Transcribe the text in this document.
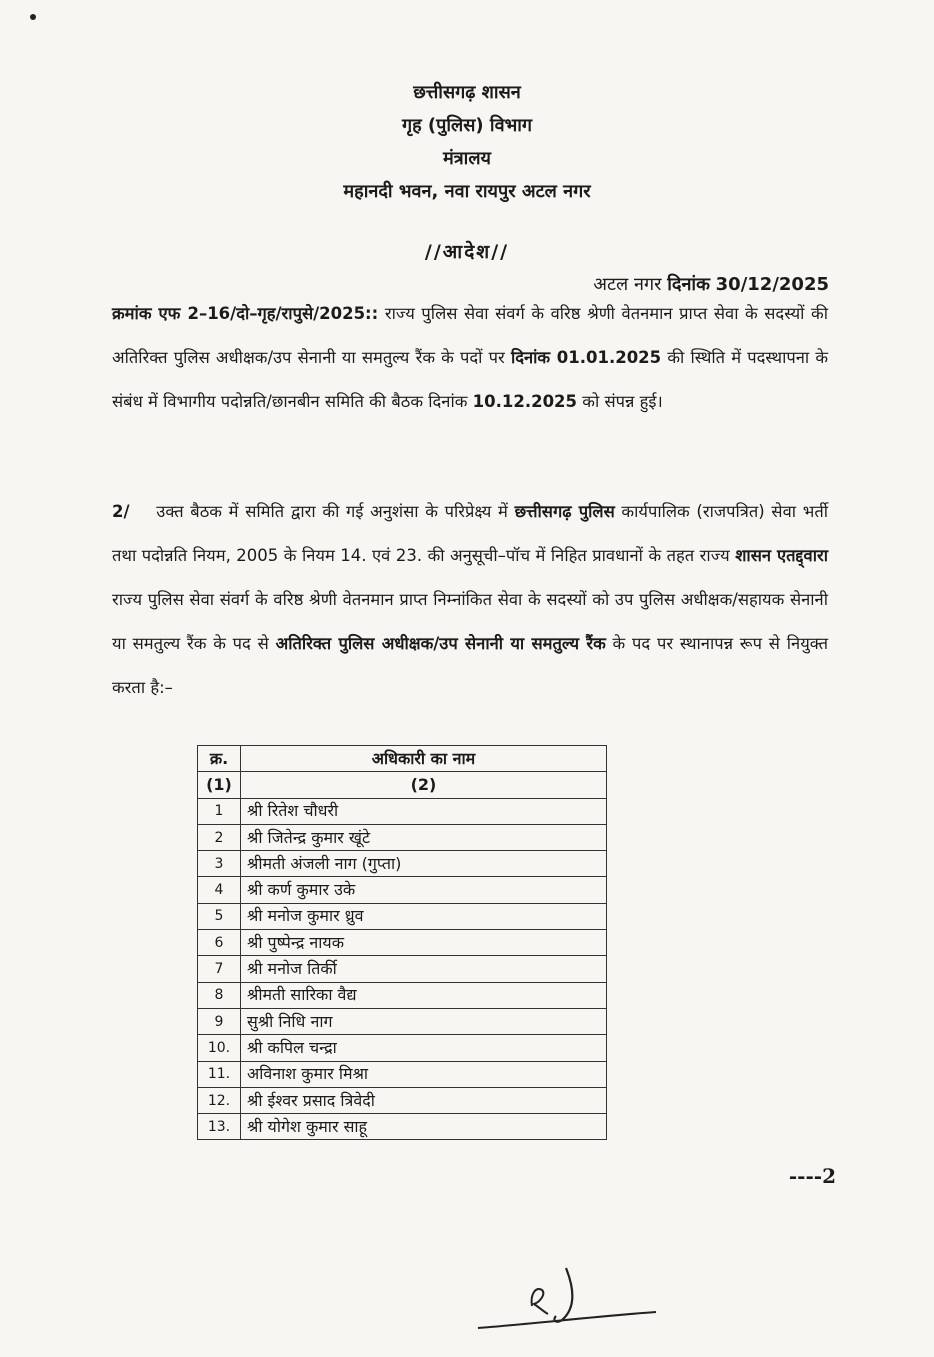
छत्तीसगढ़ शासन
गृह (पुलिस) विभाग
मंत्रालय
महानदी भवन, नवा रायपुर अटल नगर
//आदेश//
अटल नगर दिनांक 30/12/2025
क्रमांक एफ 2–16/दो–गृह/रापुसे/2025:: राज्य पुलिस सेवा संवर्ग के वरिष्ठ श्रेणी वेतनमान प्राप्त सेवा के सदस्यों की अतिरिक्त पुलिस अधीक्षक/उप सेनानी या समतुल्य रैंक के पदों पर दिनांक 01.01.2025 की स्थिति में पदस्थापना के संबंध में विभागीय पदोन्नति/छानबीन समिति की बैठक दिनांक 10.12.2025 को संपन्न हुई।
2/    उक्त बैठक में समिति द्वारा की गई अनुशंसा के परिप्रेक्ष्य में छत्तीसगढ़ पुलिस कार्यपालिक (राजपत्रित) सेवा भर्ती तथा पदोन्नति नियम, 2005 के नियम 14. एवं 23. की अनुसूची–पॉच में निहित प्रावधानों के तहत राज्य शासन एतद्द्वारा राज्य पुलिस सेवा संवर्ग के वरिष्ठ श्रेणी वेतनमान प्राप्त निम्नांकित सेवा के सदस्यों को उप पुलिस अधीक्षक/सहायक सेनानी या समतुल्य रैंक के पद से अतिरिक्त पुलिस अधीक्षक/उप सेनानी या समतुल्य रैंक के पद पर स्थानापन्न रूप से नियुक्त करता है:–
क्र.	अधिकारी का नाम
(1)	(2)
1	श्री रितेश चौधरी
2	श्री जितेन्द्र कुमार खूंटे
3	श्रीमती अंजली नाग (गुप्ता)
4	श्री कर्ण कुमार उके
5	श्री मनोज कुमार ध्रुव
6	श्री पुष्पेन्द्र नायक
7	श्री मनोज तिर्की
8	श्रीमती सारिका वैद्य
9	सुश्री निधि नाग
10.	श्री कपिल चन्द्रा
11.	अविनाश कुमार मिश्रा
12.	श्री ईश्वर प्रसाद त्रिवेदी
13.	श्री योगेश कुमार साहू
----2
